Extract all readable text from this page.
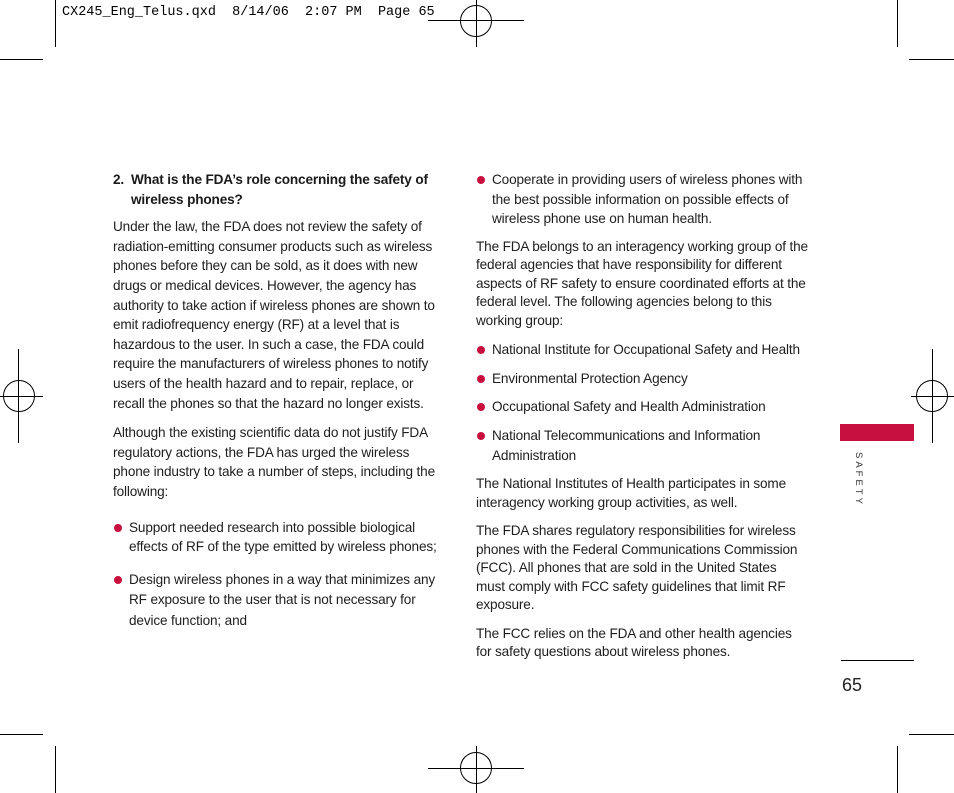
CX245_Eng_Telus.qxd  8/14/06  2:07 PM  Page 65
2. What is the FDA’s role concerning the safety of wireless phones?

Under the law, the FDA does not review the safety of radiation-emitting consumer products such as wireless phones before they can be sold, as it does with new drugs or medical devices. However, the agency has authority to take action if wireless phones are shown to emit radiofrequency energy (RF) at a level that is hazardous to the user. In such a case, the FDA could require the manufacturers of wireless phones to notify users of the health hazard and to repair, replace, or recall the phones so that the hazard no longer exists.

Although the existing scientific data do not justify FDA regulatory actions, the FDA has urged the wireless phone industry to take a number of steps, including the following:

Support needed research into possible biological effects of RF of the type emitted by wireless phones;
Design wireless phones in a way that minimizes any RF exposure to the user that is not necessary for device function; and
Cooperate in providing users of wireless phones with the best possible information on possible effects of wireless phone use on human health.

The FDA belongs to an interagency working group of the federal agencies that have responsibility for different aspects of RF safety to ensure coordinated efforts at the federal level. The following agencies belong to this working group:

National Institute for Occupational Safety and Health
Environmental Protection Agency
Occupational Safety and Health Administration
National Telecommunications and Information Administration

The National Institutes of Health participates in some interagency working group activities, as well.

The FDA shares regulatory responsibilities for wireless phones with the Federal Communications Commission (FCC). All phones that are sold in the United States must comply with FCC safety guidelines that limit RF exposure.

The FCC relies on the FDA and other health agencies for safety questions about wireless phones.

SAFETY
65
